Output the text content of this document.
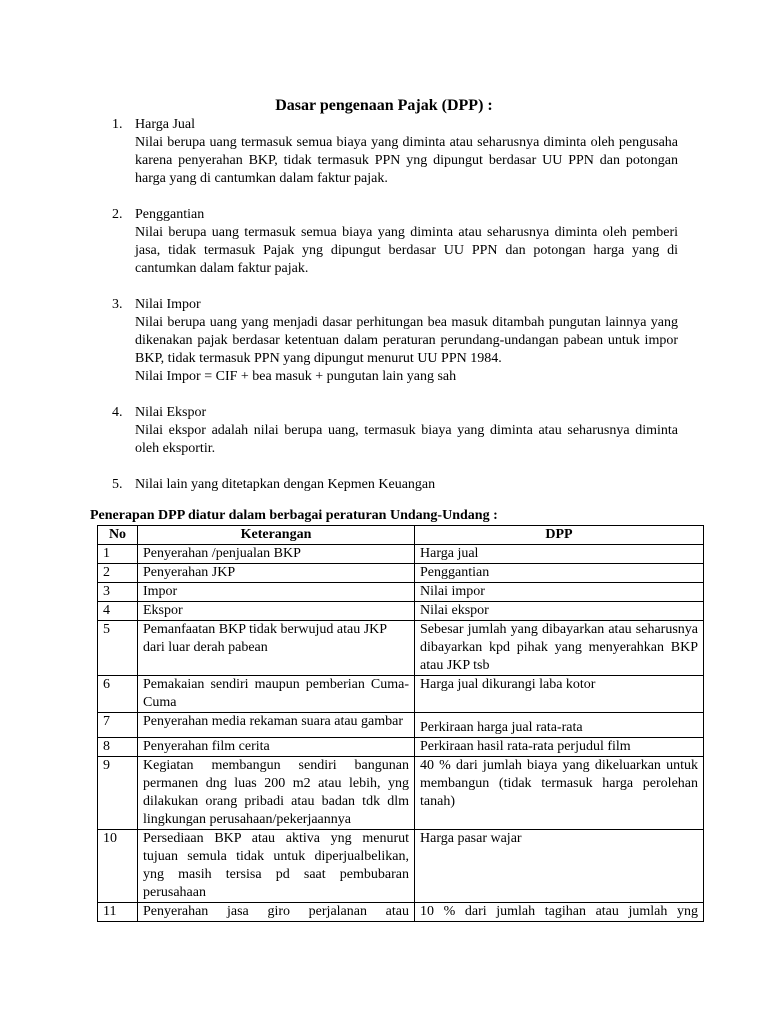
Dasar pengenaan Pajak (DPP) :
1. Harga Jual

Nilai berupa uang termasuk semua biaya yang diminta atau seharusnya diminta oleh pengusaha karena penyerahan BKP, tidak termasuk PPN yng dipungut berdasar UU PPN dan potongan harga yang di cantumkan dalam faktur pajak.

2. Penggantian

Nilai berupa uang termasuk semua biaya yang diminta atau seharusnya diminta oleh pemberi jasa, tidak termasuk Pajak yng dipungut berdasar UU PPN dan potongan harga yang di cantumkan dalam faktur pajak.

3. Nilai Impor

Nilai berupa uang yang menjadi dasar perhitungan bea masuk ditambah pungutan lainnya yang dikenakan pajak berdasar ketentuan dalam peraturan perundang-undangan pabean untuk impor BKP, tidak termasuk PPN yang dipungut menurut UU PPN 1984.

Nilai Impor = CIF + bea masuk + pungutan lain yang sah

4. Nilai Ekspor

Nilai ekspor adalah nilai berupa uang, termasuk biaya yang diminta atau seharusnya diminta oleh eksportir.

5. Nilai lain yang ditetapkan dengan Kepmen Keuangan

Penerapan DPP diatur dalam berbagai peraturan Undang-Undang :
No	Keterangan	DPP
1	Penyerahan /penjualan BKP	Harga jual
2	Penyerahan JKP	Penggantian
3	Impor	Nilai impor
4	Ekspor	Nilai ekspor
5	Pemanfaatan BKP tidak berwujud atau JKP dari luar derah pabean	Sebesar jumlah yang dibayarkan atau seharusnya dibayarkan kpd pihak yang menyerahkan BKP atau JKP tsb
6	Pemakaian sendiri maupun pemberian Cuma-Cuma	Harga jual dikurangi laba kotor
7	Penyerahan media rekaman suara atau gambar	Perkiraan harga jual rata-rata

8	Penyerahan film cerita	Perkiraan hasil rata-rata perjudul film
9	Kegiatan membangun sendiri bangunan permanen dng luas 200 m2 atau lebih, yng dilakukan orang pribadi atau badan tdk dlm lingkungan perusahaan/pekerjaannya	40 % dari jumlah biaya yang dikeluarkan untuk membangun (tidak termasuk harga perolehan tanah)
10	Persediaan BKP atau aktiva yng menurut tujuan semula tidak untuk diperjualbelikan, yng masih tersisa pd saat pembubaran perusahaan	Harga pasar wajar
11	Penyerahan jasa giro perjalanan atau	10 % dari jumlah tagihan atau jumlah yng
